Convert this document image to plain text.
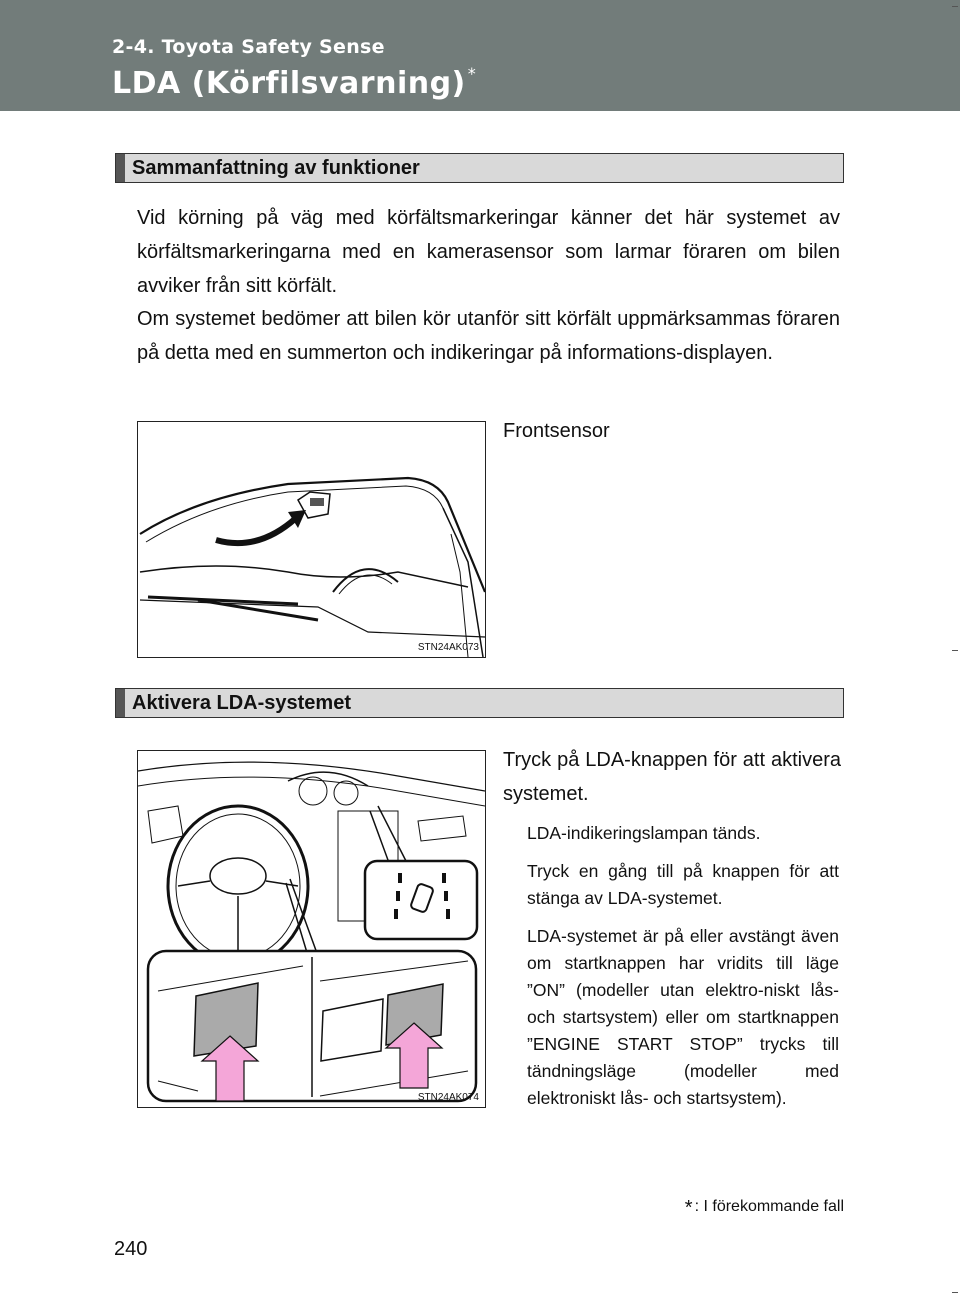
2-4. Toyota Safety Sense
LDA (Körfilsvarning) *
Sammanfattning av funktioner
Vid körning på väg med körfältsmarkeringar känner det här systemet av körfältsmarkeringarna med en kamerasensor som larmar föraren om bilen avviker från sitt körfält.
Om systemet bedömer att bilen kör utanför sitt körfält uppmärksammas föraren på detta med en summerton och indikeringar på informations-displayen.
STN24AK073
Frontsensor
Aktivera LDA-systemet
STN24AK074
Tryck på LDA-knappen för att aktivera systemet.
LDA-indikeringslampan tänds.
Tryck en gång till på knappen för att stänga av LDA-systemet.
LDA-systemet är på eller avstängt även om startknappen har vridits till läge ”ON” (modeller utan elektro-niskt lås- och startsystem) eller om startknappen ”ENGINE START STOP” trycks till tändningsläge (modeller med elektroniskt lås- och startsystem).
* : I förekommande fall
240
